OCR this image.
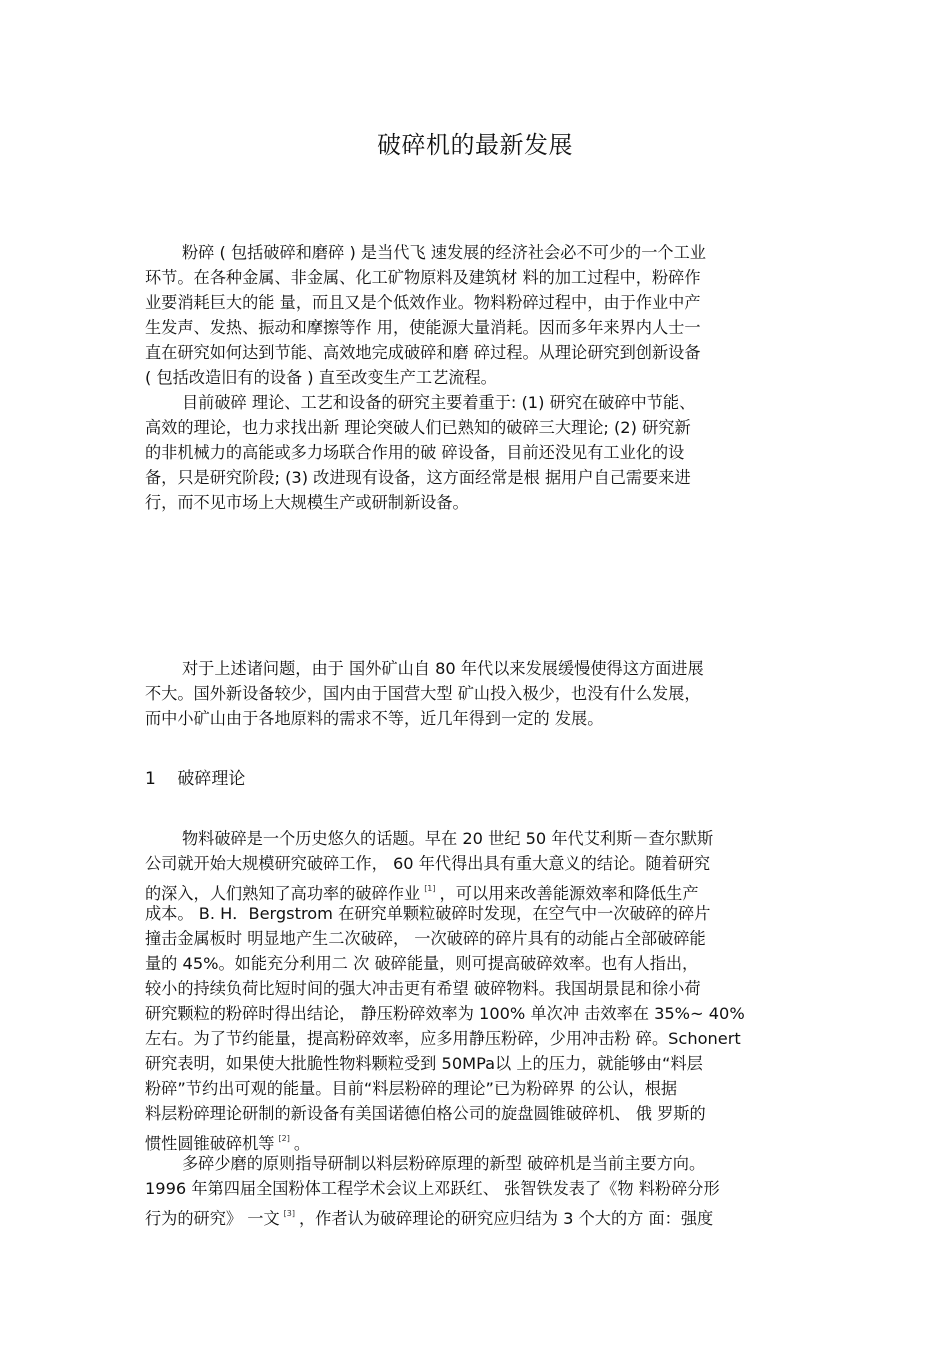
破碎机的最新发展
粉碎 ( 包括破碎和磨碎 ) 是当代飞 速发展的经济社会必不可少的一个工业
环节。在各种金属、非金属、化工矿物原料及建筑材 料的加工过程中，粉碎作
业要消耗巨大的能 量，而且又是个低效作业。物料粉碎过程中，由于作业中产
生发声、发热、振动和摩擦等作 用，使能源大量消耗。因而多年来界内人士一
直在研究如何达到节能、高效地完成破碎和磨 碎过程。从理论研究到创新设备
( 包括改造旧有的设备 ) 直至改变生产工艺流程。
目前破碎 理论、工艺和设备的研究主要着重于: (1) 研究在破碎中节能、
高效的理论，也力求找出新 理论突破人们已熟知的破碎三大理论; (2) 研究新
的非机械力的高能或多力场联合作用的破 碎设备，目前还没见有工业化的设
备，只是研究阶段; (3) 改进现有设备，这方面经常是根 据用户自己需要来进
行，而不见市场上大规模生产或研制新设备。
对于上述诸问题，由于 国外矿山自 80 年代以来发展缓慢使得这方面进展
不大。国外新设备较少，国内由于国营大型 矿山投入极少，也没有什么发展，
而中小矿山由于各地原料的需求不等，近几年得到一定的 发展。
1    破碎理论
物料破碎是一个历史悠久的话题。早在 20 世纪 50 年代艾利斯－查尔默斯
公司就开始大规模研究破碎工作， 60 年代得出具有重大意义的结论。随着研究
的深入，人们熟知了高功率的破碎作业 [1] ，可以用来改善能源效率和降低生产
成本。 B. H．Bergstrom 在研究单颗粒破碎时发现，在空气中一次破碎的碎片
撞击金属板时 明显地产生二次破碎， 一次破碎的碎片具有的动能占全部破碎能
量的 45%。如能充分利用二 次 破碎能量，则可提高破碎效率。也有人指出，
较小的持续负荷比短时间的强大冲击更有希望 破碎物料。我国胡景昆和徐小荷
研究颗粒的粉碎时得出结论， 静压粉碎效率为 100% 单次冲 击效率在 35%~ 40%
左右。为了节约能量，提高粉碎效率，应多用静压粉碎，少用冲击粉 碎。Schonert
研究表明，如果使大批脆性物料颗粒受到 50MPa以 上的压力，就能够由“料层
粉碎”节约出可观的能量。目前“料层粉碎的理论”已为粉碎界 的公认，根据
料层粉碎理论研制的新设备有美国诺德伯格公司的旋盘圆锥破碎机、 俄 罗斯的
惯性圆锥破碎机等 [2] 。
多碎少磨的原则指导研制以料层粉碎原理的新型 破碎机是当前主要方向。
1996 年第四届全国粉体工程学术会议上邓跃红、 张智铁发表了《物 料粉碎分形
行为的研究》 一文 [3] ，作者认为破碎理论的研究应归结为 3 个大的方 面：强度
